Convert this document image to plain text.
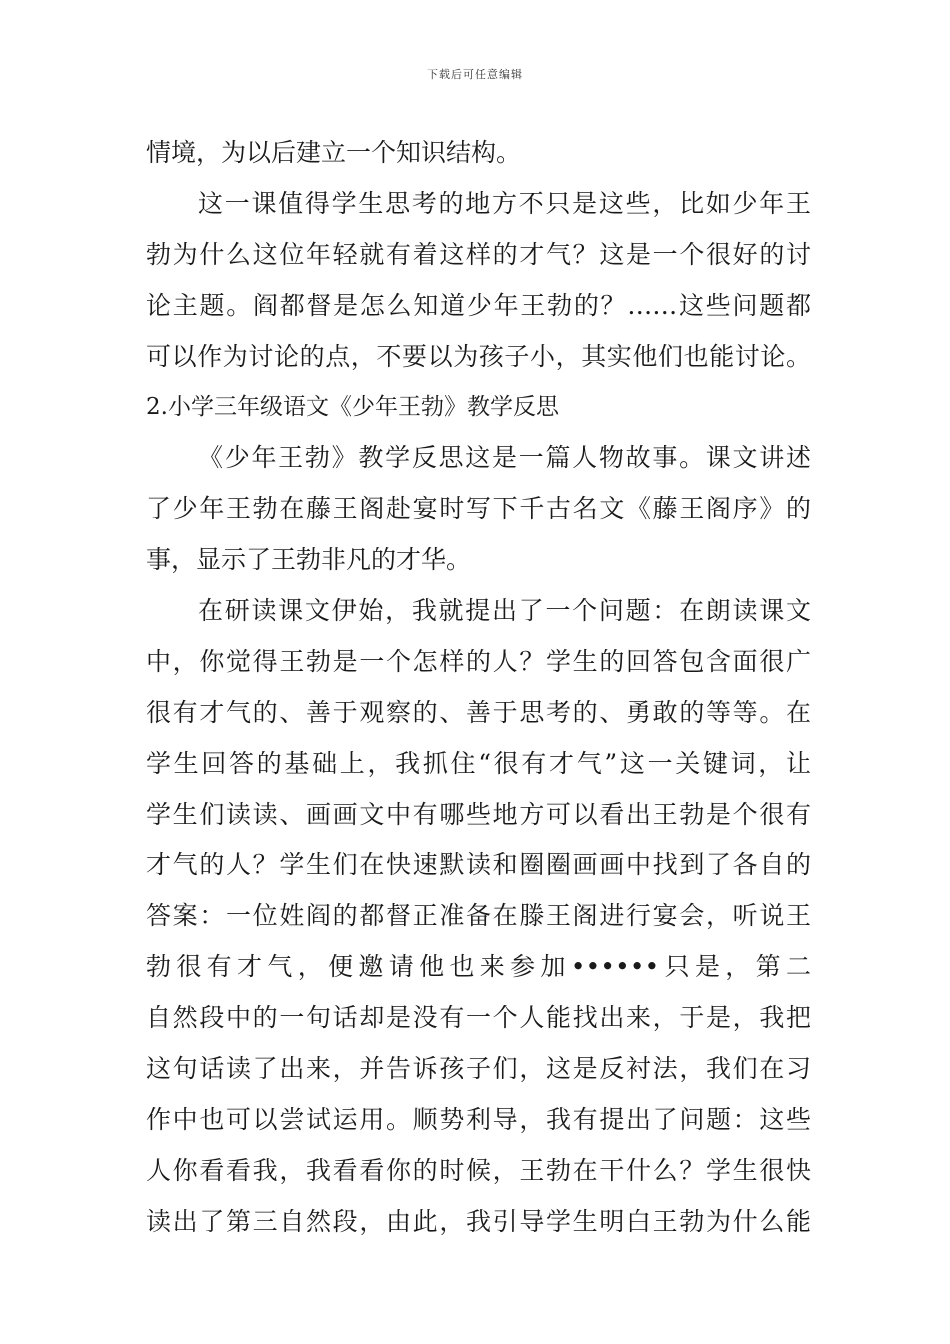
下载后可任意编辑
情境，为以后建立一个知识结构。
这一课值得学生思考的地方不只是这些，比如少年王
勃为什么这位年轻就有着这样的才气？这是一个很好的讨
论主题。阎都督是怎么知道少年王勃的？……这些问题都
可以作为讨论的点，不要以为孩子小，其实他们也能讨论。
2.小学三年级语文《少年王勃》教学反思
《少年王勃》教学反思这是一篇人物故事。课文讲述
了少年王勃在藤王阁赴宴时写下千古名文《藤王阁序》的
事，显示了王勃非凡的才华。
在研读课文伊始，我就提出了一个问题：在朗读课文
中，你觉得王勃是一个怎样的人？学生的回答包含面很广
很有才气的、善于观察的、善于思考的、勇敢的等等。在
学生回答的基础上，我抓住“很有才气”这一关键词，让
学生们读读、画画文中有哪些地方可以看出王勃是个很有
才气的人？学生们在快速默读和圈圈画画中找到了各自的
答案：一位姓阎的都督正准备在滕王阁进行宴会，听说王
勃很有才气，便邀请他也来参加••••••只是，第二
自然段中的一句话却是没有一个人能找出来，于是，我把
这句话读了出来，并告诉孩子们，这是反衬法，我们在习
作中也可以尝试运用。顺势利导，我有提出了问题：这些
人你看看我，我看看你的时候，王勃在干什么？学生很快
读出了第三自然段，由此，我引导学生明白王勃为什么能
